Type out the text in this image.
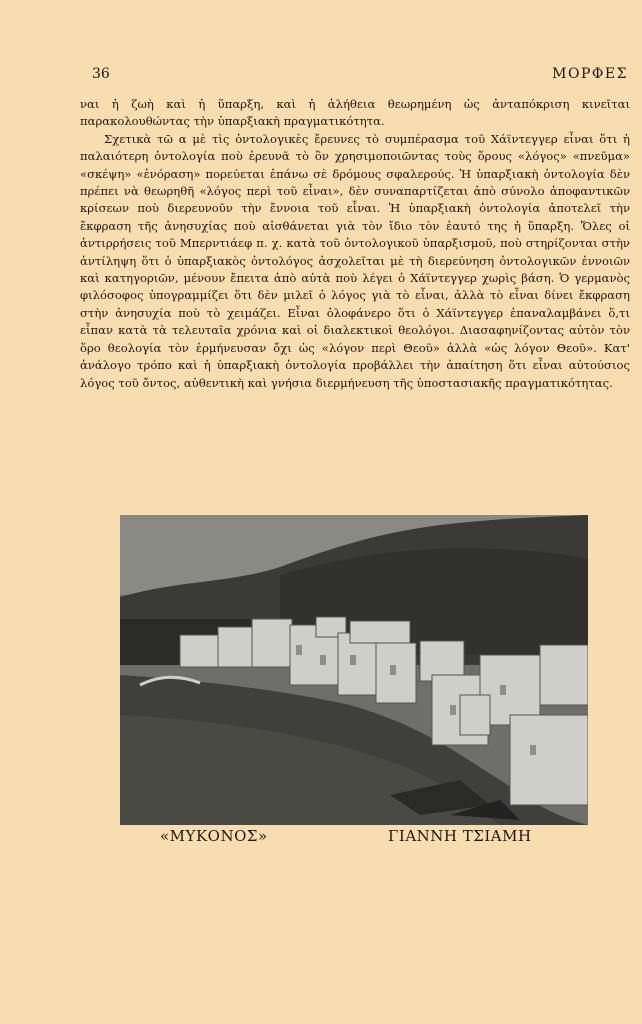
36	ΜΟΡΦΕΣ

ναι ἡ ζωὴ καὶ ἡ ὕπαρξη, καὶ ἡ ἀλήθεια θεωρημένη ὡς ἀνταπόκριση κινεῖται παρακολουθώντας τὴν ὑπαρξιακὴ πραγματικότητα.

Σχετικὰ τῶ α μὲ τὶς ὀντολογικὲς ἔρευνες τὸ συμπέρασμα τοῦ Χάϊντεγγερ εἶναι ὅτι ἡ παλαιότερη ὀντολογία ποὺ ἐρευνᾶ τὸ ὂν χρησιμοποιῶντας τοὺς ὅρους «λόγος» «πνεῦμα» «σκέψη» «ἐνόραση» πορεύεται ἐπάνω σὲ δρόμους σφαλερούς. Ἡ ὑπαρξιακὴ ὀντολογία δὲν πρέπει νὰ θεωρηθῆ «λόγος περὶ τοῦ εἶναι», δὲν συναπαρτίζεται ἀπὸ σύνολο ἀποφαντικῶν κρίσεων ποὺ διερευνοῦν τὴν ἔννοια τοῦ εἶναι. Ἡ ὑπαρξιακὴ ὀντολογία ἀποτελεῖ τὴν ἔκφραση τῆς ἀνησυχίας ποὺ αἰσθάνεται γιὰ τὸν ἴδιο τὸν ἑαυτό της ἡ ὕπαρξη. Ὅλες οἱ ἀντιρρήσεις τοῦ Μπερντιάεφ π. χ. κατὰ τοῦ ὀντολογικοῦ ὑπαρξισμοῦ, ποὺ στηρίζονται στὴν ἀντίληψη ὅτι ὁ ὑπαρξιακὸς ὀντολόγος ἀσχολεῖται μὲ τὴ διερεύνηση ὀντολογικῶν ἐννοιῶν καὶ κατηγοριῶν, μένουν ἔπειτα ἀπὸ αὐτὰ ποὺ λέγει ὁ Χάϊντεγγερ χωρὶς βάση. Ὁ γερμανὸς φιλόσοφος ὑπογραμμίζει ὅτι δὲν μιλεῖ ὁ λόγος γιὰ τὸ εἶναι, ἀλλὰ τὸ εἶναι δίνει ἔκφραση στὴν ἀνησυχία ποὺ τὸ χειμάζει. Εἶναι ὁλοφάνερο ὅτι ὁ Χάϊντεγγερ ἐπαναλαμβάνει ὅ,τι εἶπαν κατὰ τὰ τελευταῖα χρόνια καὶ οἱ διαλεκτικοὶ θεολόγοι. Διασαφηνίζοντας αὐτὸν τὸν ὅρο θεολογία τὸν ἑρμήνευσαν ὄχι ὡς «λόγον περὶ Θεοῦ» ἀλλὰ «ὡς λόγον Θεοῦ». Κατ' ἀνάλογο τρόπο καὶ ἡ ὑπαρξιακὴ ὀντολογία προβάλλει τὴν ἀπαίτηση ὅτι εἶναι αὐτούσιος λόγος τοῦ ὄντος, αὐθεντικὴ καὶ γνήσια διερμήνευση τῆς ὑποστασιακῆς πραγματικότητας.

«ΜΥΚΟΝΟΣ»	ΓΙΑΝΝΗ ΤΣΙΑΜΗ
